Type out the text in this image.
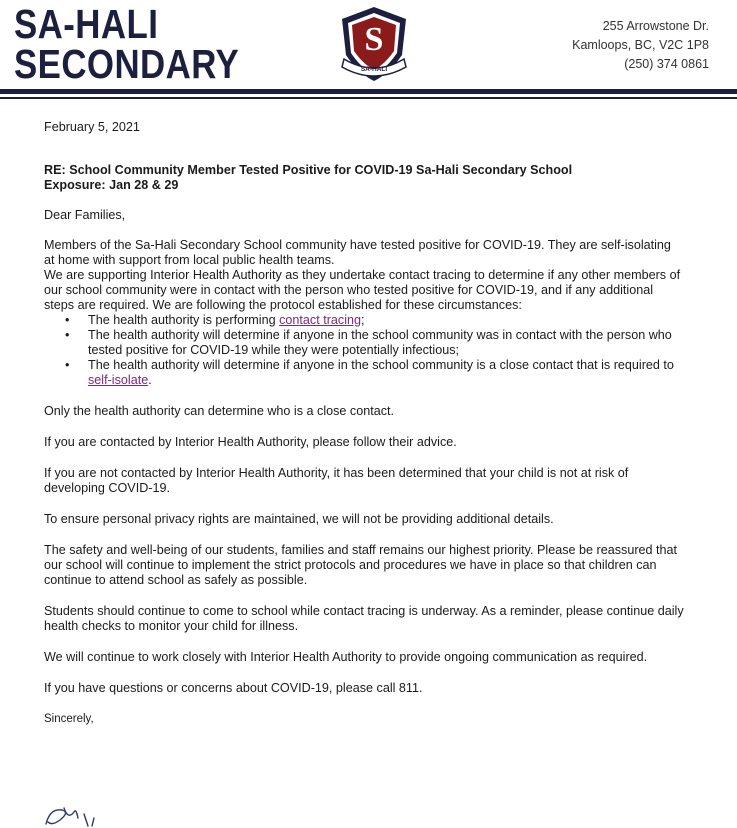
SA-HALI
SECONDARY
S
SA-HALI
255 Arrowstone Dr.
Kamloops, BC, V2C 1P8
(250) 374 0861

February 5, 2021

RE: School Community Member Tested Positive for COVID-19 Sa-Hali Secondary School
Exposure: Jan 28 & 29

Dear Families,

Members of the Sa-Hali Secondary School community have tested positive for COVID-19. They are self-isolating at home with support from local public health teams.

We are supporting Interior Health Authority as they undertake contact tracing to determine if any other members of our school community were in contact with the person who tested positive for COVID-19, and if any additional steps are required. We are following the protocol established for these circumstances:

• The health authority is performing contact tracing;
• The health authority will determine if anyone in the school community was in contact with the person who tested positive for COVID-19 while they were potentially infectious;
• The health authority will determine if anyone in the school community is a close contact that is required to self-isolate.

Only the health authority can determine who is a close contact.

If you are contacted by Interior Health Authority, please follow their advice.

If you are not contacted by Interior Health Authority, it has been determined that your child is not at risk of developing COVID-19.

To ensure personal privacy rights are maintained, we will not be providing additional details.

The safety and well-being of our students, families and staff remains our highest priority. Please be reassured that our school will continue to implement the strict protocols and procedures we have in place so that children can continue to attend school as safely as possible.

Students should continue to come to school while contact tracing is underway. As a reminder, please continue daily health checks to monitor your child for illness.

We will continue to work closely with Interior Health Authority to provide ongoing communication as required.

If you have questions or concerns about COVID-19, please call 811.

Sincerely,
